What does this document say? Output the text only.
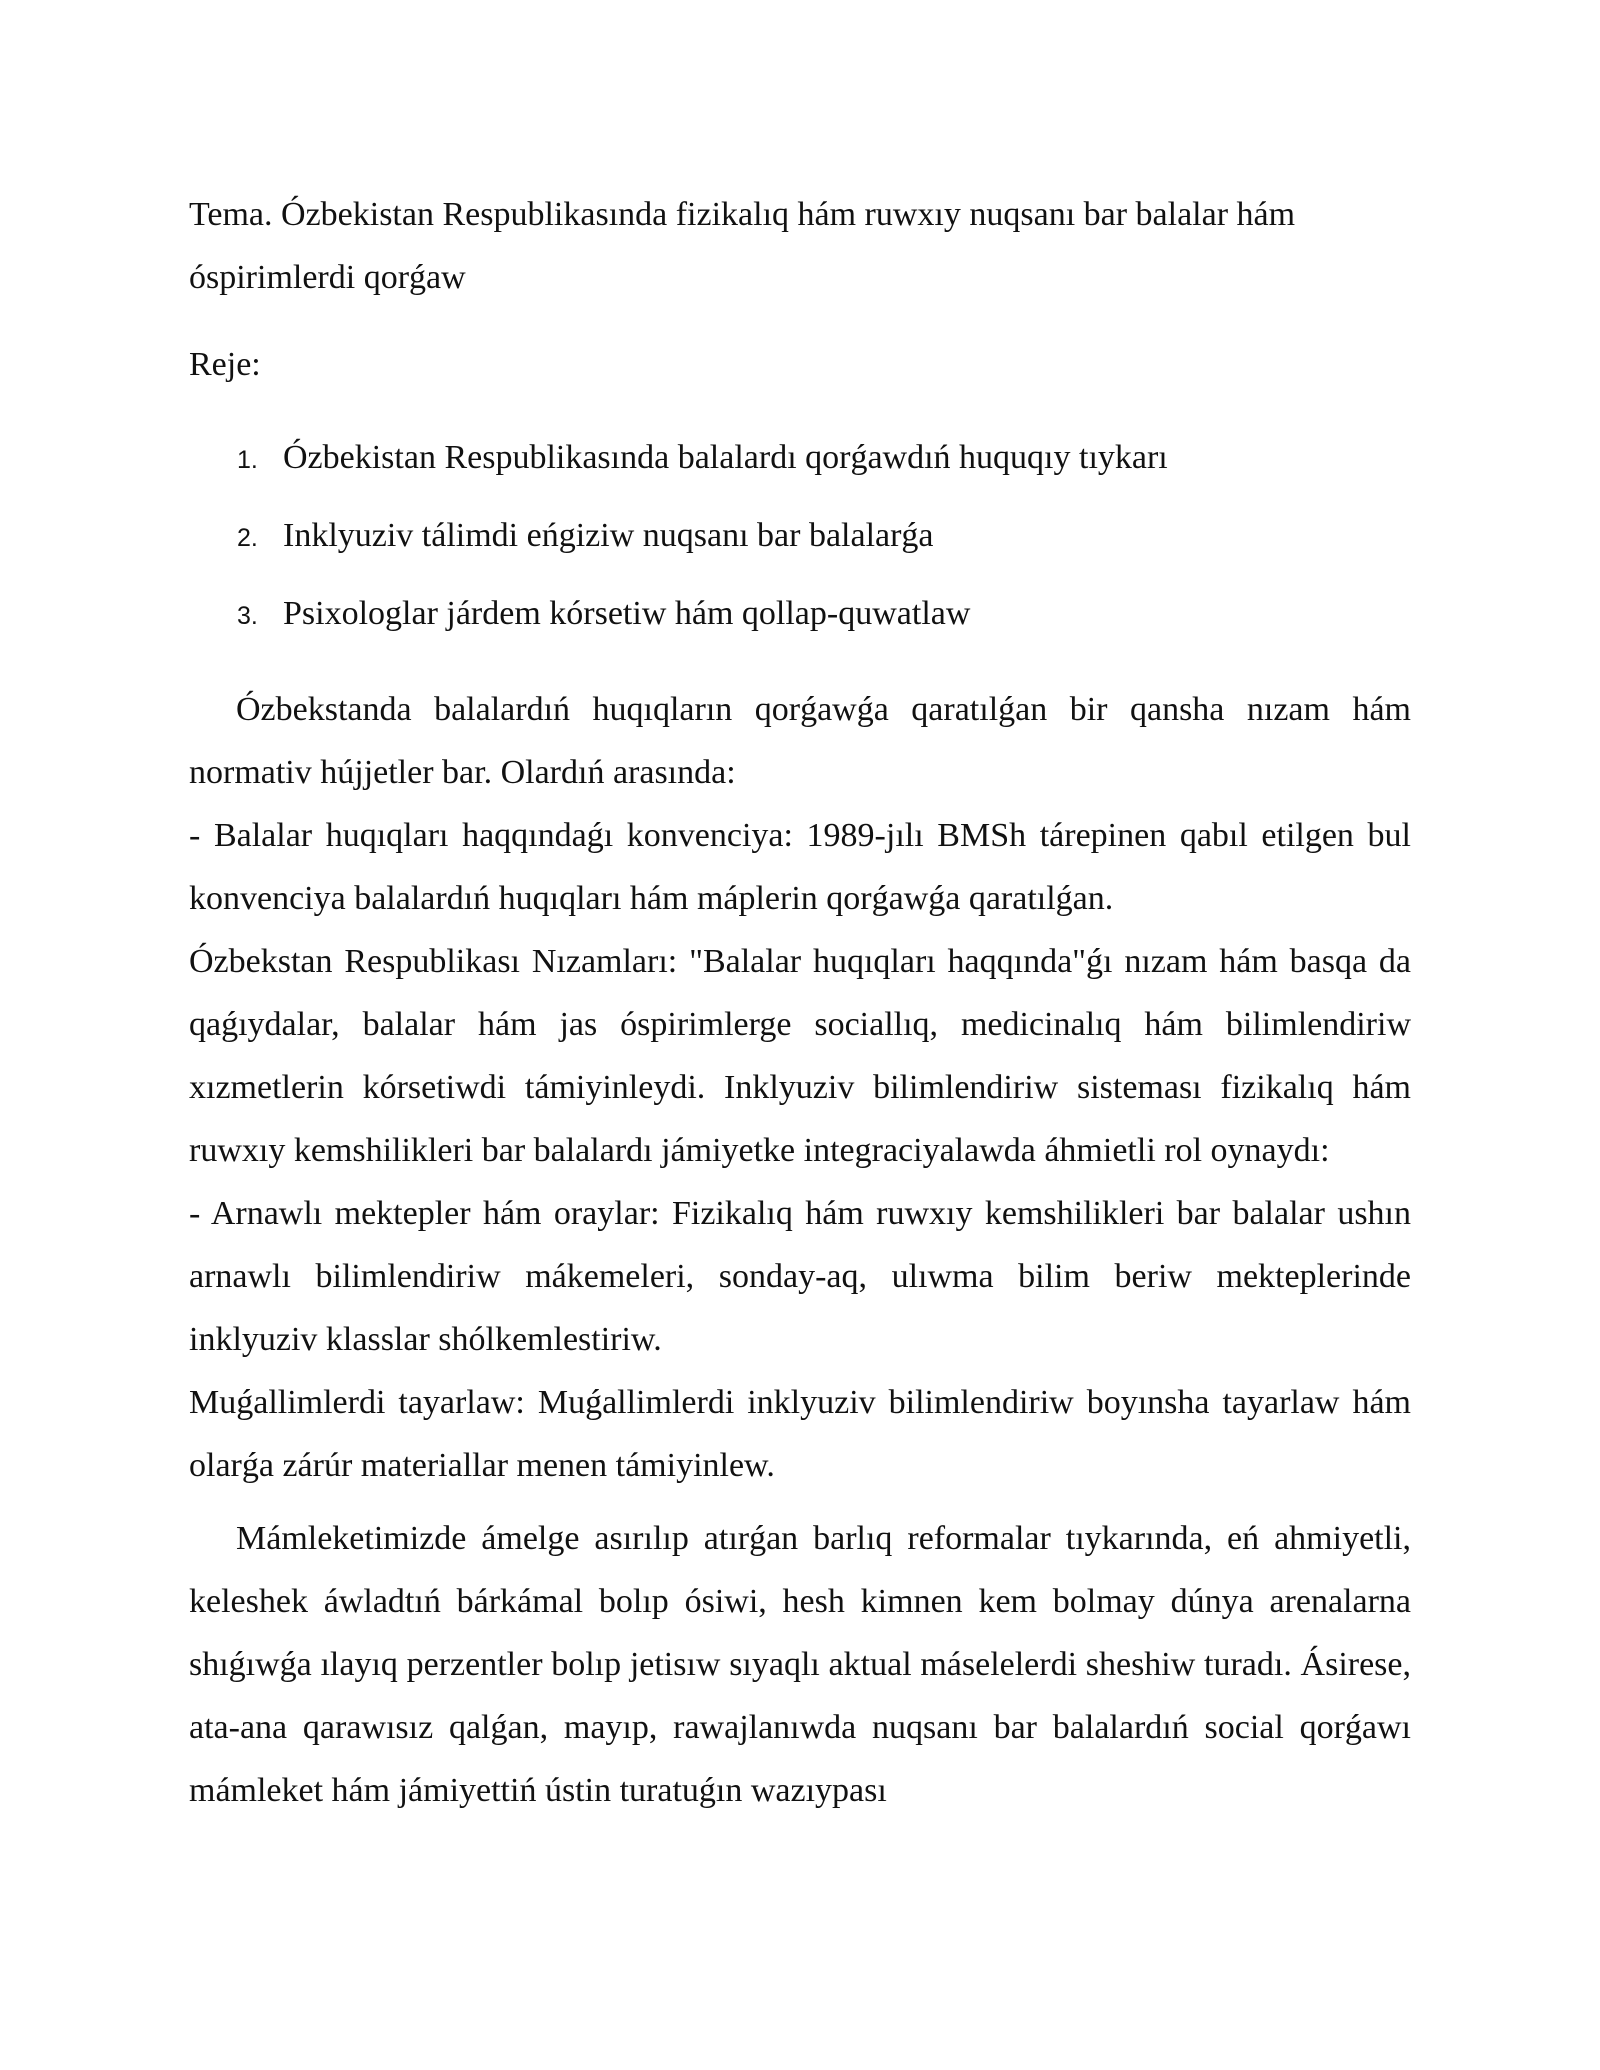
Tema. Ózbekistan Respublikasında fizikalıq hám ruwxıy nuqsanı bar balalar hám óspirimlerdi qorǵaw

Reje:

1. Ózbekistan Respublikasında balalardı qorǵawdıń huquqıy tıykarı
2. Inklyuziv tálimdi eńgiziw nuqsanı bar balalarǵa
3. Psixologlar járdem kórsetiw hám qollap-quwatlaw

Ózbekstanda balalardıń huqıqların qorǵawǵa qaratılǵan bir qansha nızam hám normativ hújjetler bar. Olardıń arasında:

- Balalar huqıqları haqqındaǵı konvenciya: 1989-jılı BMSh tárepinen qabıl etilgen bul konvenciya balalardıń huqıqları hám máplerin qorǵawǵa qaratılǵan.

Ózbekstan Respublikası Nızamları: "Balalar huqıqları haqqında"ǵı nızam hám basqa da qaǵıydalar, balalar hám jas óspirimlerge sociallıq, medicinalıq hám bilimlendiriw xızmetlerin kórsetiwdi támiyinleydi. Inklyuziv bilimlendiriw sisteması fizikalıq hám ruwxıy kemshilikleri bar balalardı jámiyetke integraciyalawda áhmietli rol oynaydı:

- Arnawlı mektepler hám oraylar: Fizikalıq hám ruwxıy kemshilikleri bar balalar ushın arnawlı bilimlendiriw mákemeleri, sonday-aq, ulıwma bilim beriw mekteplerinde inklyuziv klasslar shólkemlestiriw.

Muǵallimlerdi tayarlaw: Muǵallimlerdi inklyuziv bilimlendiriw boyınsha tayarlaw hám olarǵa zárúr materiallar menen támiyinlew.

Mámleketimizde ámelge asırılıp atırǵan barlıq reformalar tıykarında, eń ahmiyetli, keleshek áwladtıń bárkámal bolıp ósiwi, hesh kimnen kem bolmay dúnya arenalarna shıǵıwǵa ılayıq perzentler bolıp jetisıw sıyaqlı aktual máselelerdi sheshiw turadı. Ásirese, ata-ana qarawısız qalǵan, mayıp, rawajlanıwda nuqsanı bar balalardıń social qorǵawı mámleket hám jámiyettiń ústin turatuǵın wazıypası
